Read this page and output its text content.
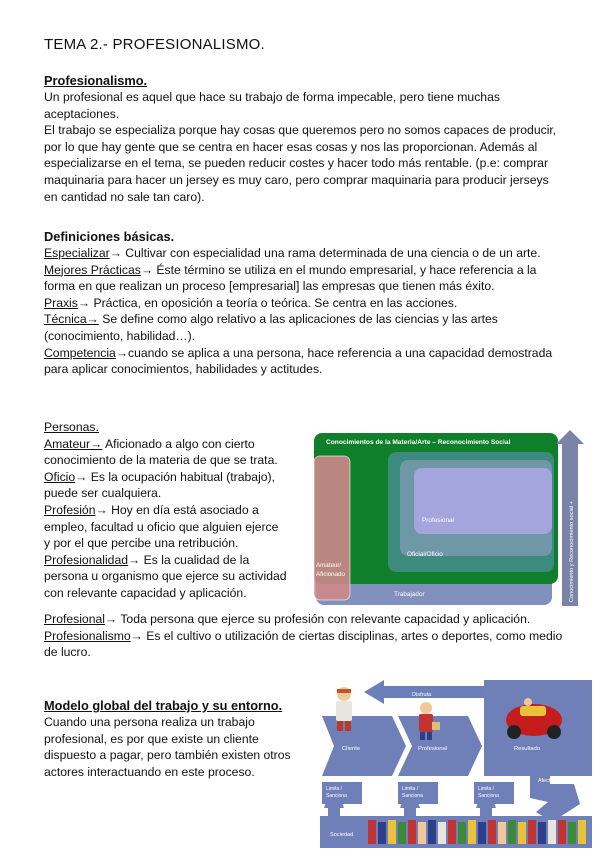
TEMA 2.- PROFESIONALISMO.

Profesionalismo.

Un profesional es aquel que hace su trabajo de forma impecable, pero tiene muchas aceptaciones.

El trabajo se especializa porque hay cosas que queremos pero no somos capaces de producir, por lo que hay gente que se centra en hacer esas cosas y nos las proporcionan. Además al especializarse en el tema, se pueden reducir costes y hacer todo más rentable. (p.e: comprar maquinaria para hacer un jersey es muy caro, pero comprar maquinaria para producir jerseys en cantidad no sale tan caro).

Definiciones básicas.

Especializar→ Cultivar con especialidad una rama determinada de una ciencia o de un arte.

Mejores Prácticas→ Éste término se utiliza en el mundo empresarial, y hace referencia a la forma en que realizan un proceso [empresarial] las empresas que tienen más éxito.

Praxis→ Práctica, en oposición a teoría o teórica. Se centra en las acciones.

Técnica→ Se define como algo relativo a las aplicaciones de las ciencias y las artes (conocimiento, habilidad…).

Competencia→cuando se aplica a una persona, hace referencia a una capacidad demostrada para aplicar conocimientos, habilidades y actitudes.

Personas.

Amateur→ Aficionado a algo con cierto

conocimiento de la materia de que se trata.

Oficio→ Es la ocupación habitual (trabajo),

puede ser cualquiera.

Profesión→ Hoy en día está asociado a

empleo, facultad u oficio que alguien ejerce

y por el que percibe una retribución.

Profesionalidad→ Es la cualidad de la

persona u organismo que ejerce su actividad

con relevante capacidad y aplicación.

Profesional→ Toda persona que ejerce su profesión con relevante capacidad y aplicación.

Profesionalismo→ Es el cultivo o utilización de ciertas disciplinas, artes o deportes, como medio de lucro.

Modelo global del trabajo y su entorno.

Cuando una persona realiza un trabajo

profesional, es por que existe un cliente

dispuesto a pagar, pero también existen otros

actores interactuando en este proceso.

Conocimientos de la Materia/Arte – Reconocimiento Social
Profesional
Oficial/Oficio
Amateur/
Aficionado
Trabajador	Conocimiento y Reconocimiento social +
Disfruta
Cliente	Profesional	Resultado
Afecta
Limita /
Sanciona
Limita /
Sanciona
Limita /
Sanciona
Sociedad
